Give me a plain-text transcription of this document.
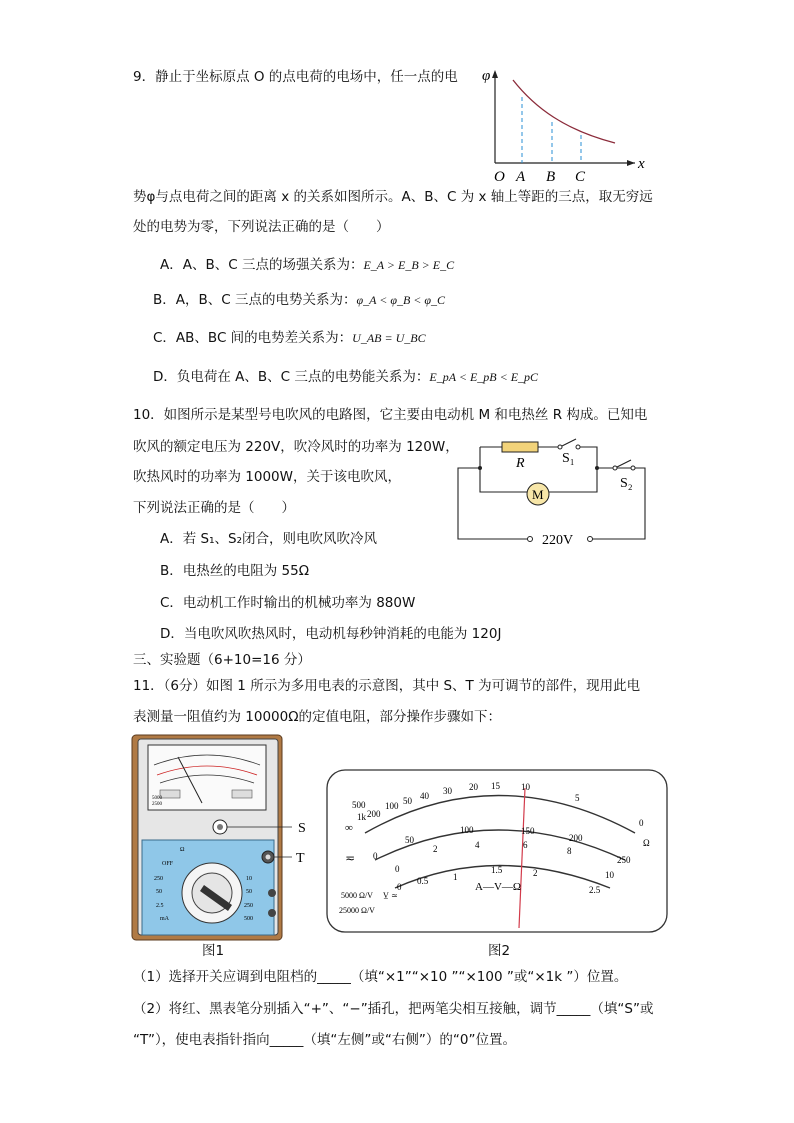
9．静止于坐标原点 O 的点电荷的电场中，任一点的电 φ
x
O A B C
势φ与点电荷之间的距离 x 的关系如图所示。A、B、C 为 x 轴上等距的三点，取无穷远
处的电势为零，下列说法正确的是（　　）
A．A、B、C 三点的场强关系为：E_A > E_B > E_C
B．A，B、C 三点的电势关系为：φ_A < φ_B < φ_C
C．AB、BC 间的电势差关系为：U_AB = U_BC
D．负电荷在 A、B、C 三点的电势能关系为：E_pA < E_pB < E_pC
10．如图所示是某型号电吹风的电路图，它主要由电动机 M 和电热丝 R 构成。已知电
吹风的额定电压为 220V，吹冷风时的功率为 120W，
吹热风时的功率为 1000W，关于该电吹风，
下列说法正确的是（　　）
M
R	S₁
S₂
220V
A．若 S₁、S₂闭合，则电吹风吹冷风
B．电热丝的电阻为 55Ω
C．电动机工作时输出的机械功率为 880W
D．当电吹风吹热风时，电动机每秒钟消耗的电能为 120J
三、实验题（6+10=16 分）
11．（6分）如图 1 所示为多用电表的示意图，其中 S、T 为可调节的部件，现用此电
表测量一阻值约为 10000Ω的定值电阻，部分操作步骤如下：
5000
2500
OFF
Ω
250
50
2.5
mA
10
50
250
500
S
T
500
1k 200
100 50 40 30 20 15 10
5
0
∞
Ω
100	150
200
250
50
0
2	4	6
8
10
0
1
1.5	2
2.5
0.5
0	A—V—Ω
≂
5000 Ω/V V̲ ≃
25000 Ω/V
图1	图2
（1）选择开关应调到电阻档的_____（填“×1”“×10 ”“×100 ”或“×1k ”）位置。
（2）将红、黑表笔分别插入“+”、“−”插孔，把两笔尖相互接触，调节_____（填“S”或
“T”），使电表指针指向_____（填“左侧”或“右侧”）的“0”位置。
